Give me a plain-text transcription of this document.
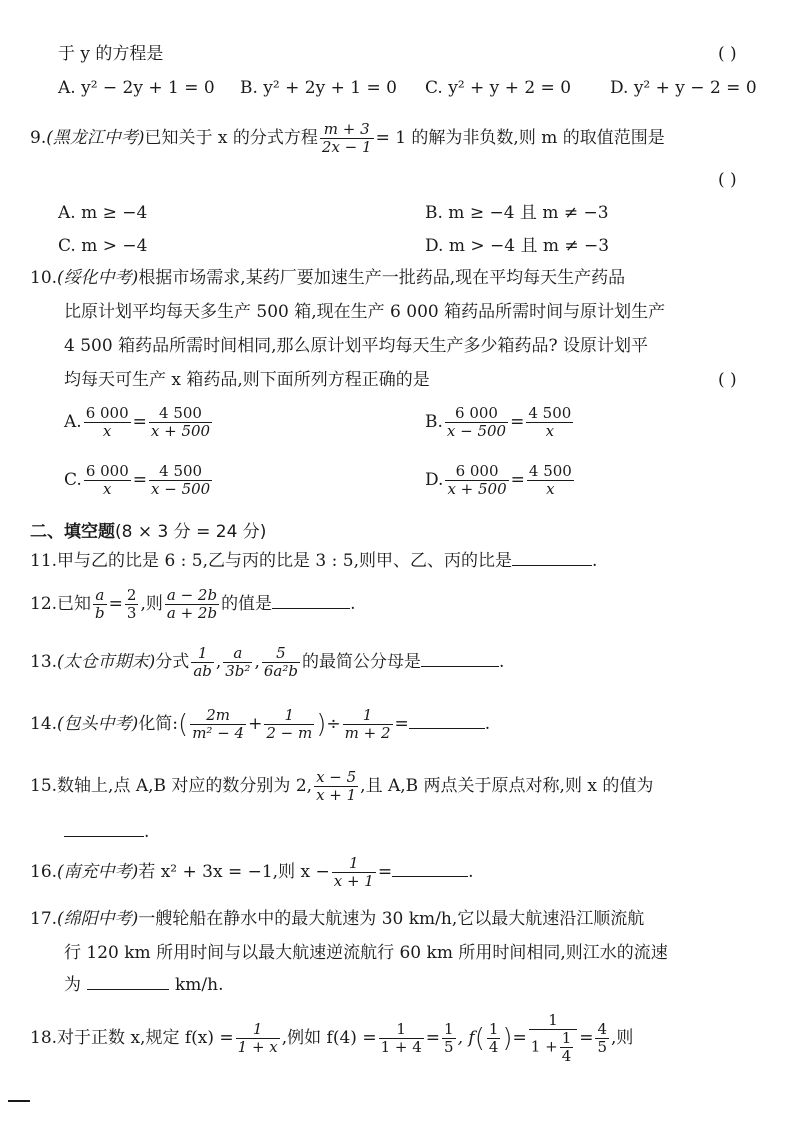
于 y 的方程是	( )
A. y² − 2y + 1 = 0 B. y² + 2y + 1 = 0 C. y² + y + 2 = 0 D. y² + y − 2 = 0
9.(黑龙江中考)已知关于 x 的分式方程 $\frac{m + 3}{2x - 1} = 1$ 的解为非负数,则 m 的取值范围是
( )
A. m ≥ −4	B. m ≥ −4 且 m ≠ −3
C. m > −4	D. m > −4 且 m ≠ −3
10.(绥化中考)根据市场需求,某药厂要加速生产一批药品,现在平均每天生产药品
比原计划平均每天多生产 500 箱,现在生产 6 000 箱药品所需时间与原计划生产
4 500 箱药品所需时间相同,那么原计划平均每天生产多少箱药品? 设原计划平
均每天可生产 x 箱药品,则下面所列方程正确的是	( )
A. $\frac{6 000}{x} = \frac{4 500}{x + 500}$	B. $\frac{6 000}{x - 500} = \frac{4 500}{x}$
C. $\frac{6 000}{x} = \frac{4 500}{x - 500}$	D. $\frac{6 000}{x + 500} = \frac{4 500}{x}$
二、填空题(8 × 3 分 = 24 分)
11.甲与乙的比是 6 : 5,乙与丙的比是 3 : 5,则甲、乙、丙的比是	.
12.已知 $\frac{a}{b} = \frac{2}{3}$ ,则 $\frac{a - 2b}{a + 2b}$ 的值是	.
13.(太仓市期末)分式 $\frac{1}{ab}$ , $\frac{a}{\text{3b²}}$ , $\frac{5}{\text{6a²b}}$ 的最简公分母是	.
14.(包头中考)化简:( $\frac{2m}{\text{m² − 4}} + \frac{1}{2 - m}$ )÷ $\frac{1}{m + 2}$ =	.
15.数轴上,点 A,B 对应的数分别为 2, $\frac{x - 5}{x + 1}$ ,且 A,B 两点关于原点对称,则 x 的值为
.
16.(南充中考)若 x² + 3x = −1,则 $x - \frac{1}{x + 1}$ =	.
17.(绵阳中考)一艘轮船在静水中的最大航速为 30 km/h,它以最大航速沿江顺流航
行 120 km 所用时间与以最大航速逆流航行 60 km 所用时间相同,则江水的流速
为	km/h.
18.对于正数 x,规定 $f(x) = \frac{1}{1 + x}$ ,例如 $f(4) = \frac{1}{1 + 4} = \frac{1}{5}$ , $f( \frac{1}{4}$ )= $\frac{1}{1 + \frac{1}{4}} = \frac{4}{5}$ ,则
